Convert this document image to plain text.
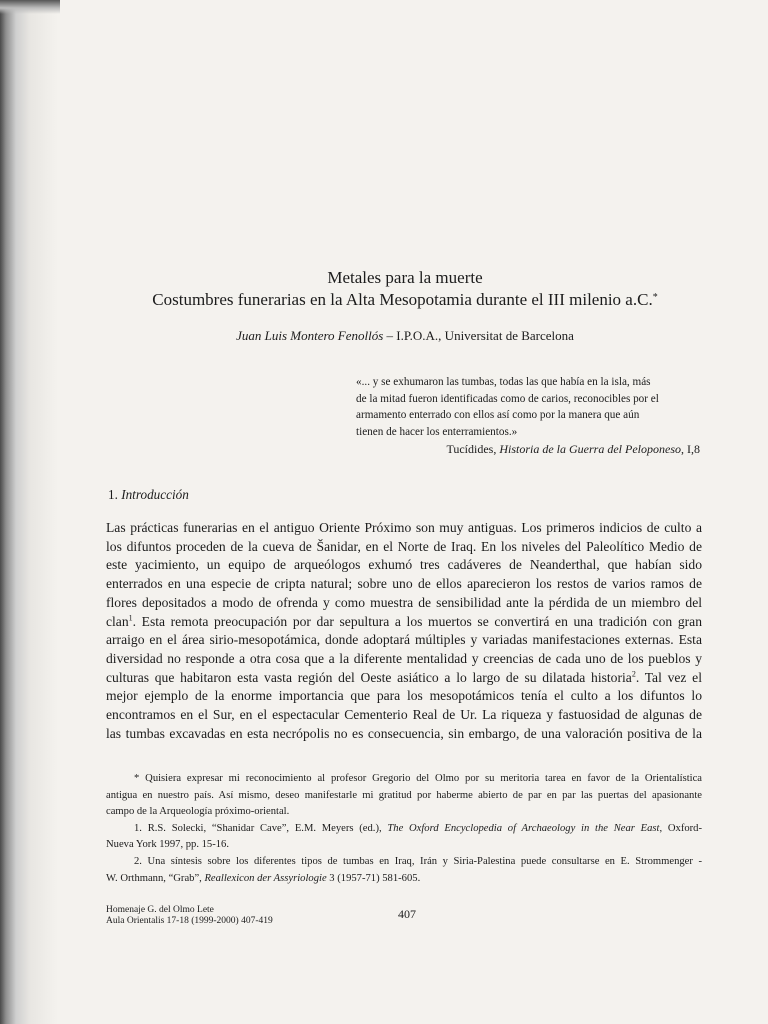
Metales para la muerte
Costumbres funerarias en la Alta Mesopotamia durante el III milenio a.C.*
Juan Luis Montero Fenollós – I.P.O.A., Universitat de Barcelona
«... y se exhumaron las tumbas, todas las que había en la isla, más
de la mitad fueron identificadas como de carios, reconocibles por el
armamento enterrado con ellos así como por la manera que aún
tienen de hacer los enterramientos.»
Tucídides, Historia de la Guerra del Peloponeso, I,8
1. Introducción
Las prácticas funerarias en el antiguo Oriente Próximo son muy antiguas. Los primeros indicios de culto a
los difuntos proceden de la cueva de Šanidar, en el Norte de Iraq. En los niveles del Paleolítico Medio de
este yacimiento, un equipo de arqueólogos exhumó tres cadáveres de Neanderthal, que habían sido
enterrados en una especie de cripta natural; sobre uno de ellos aparecieron los restos de varios ramos de
flores depositados a modo de ofrenda y como muestra de sensibilidad ante la pérdida de un miembro del
clan$^1$. Esta remota preocupación por dar sepultura a los muertos se convertirá en una tradición con gran
arraigo en el área sirio-mesopotámica, donde adoptará múltiples y variadas manifestaciones externas. Esta
diversidad no responde a otra cosa que a la diferente mentalidad y creencias de cada uno de los pueblos y
culturas que habitaron esta vasta región del Oeste asiático a lo largo de su dilatada historia$^2$. Tal vez el
mejor ejemplo de la enorme importancia que para los mesopotámicos tenía el culto a los difuntos lo
encontramos en el Sur, en el espectacular Cementerio Real de Ur. La riqueza y fastuosidad de algunas de
las tumbas excavadas en esta necrópolis no es consecuencia, sin embargo, de una valoración positiva de la
* Quisiera expresar mi reconocimiento al profesor Gregorio del Olmo por su meritoria tarea en favor de la Orientalística
antigua en nuestro país. Así mismo, deseo manifestarle mi gratitud por haberme abierto de par en par las puertas del apasionante
campo de la Arqueología próximo-oriental.
1. R.S. Solecki, “Shanidar Cave”, E.M. Meyers (ed.), The Oxford Encyclopedia of Archaeology in the Near East, Oxford-
Nueva York 1997, pp. 15-16.
2. Una síntesis sobre los diferentes tipos de tumbas en Iraq, Irán y Siria-Palestina puede consultarse en E. Strommenger -
W. Orthmann, “Grab”, Reallexicon der Assyriologie 3 (1957-71) 581-605.
Homenaje G. del Olmo Lete
Aula Orientalis 17-18 (1999-2000) 407-419	407
